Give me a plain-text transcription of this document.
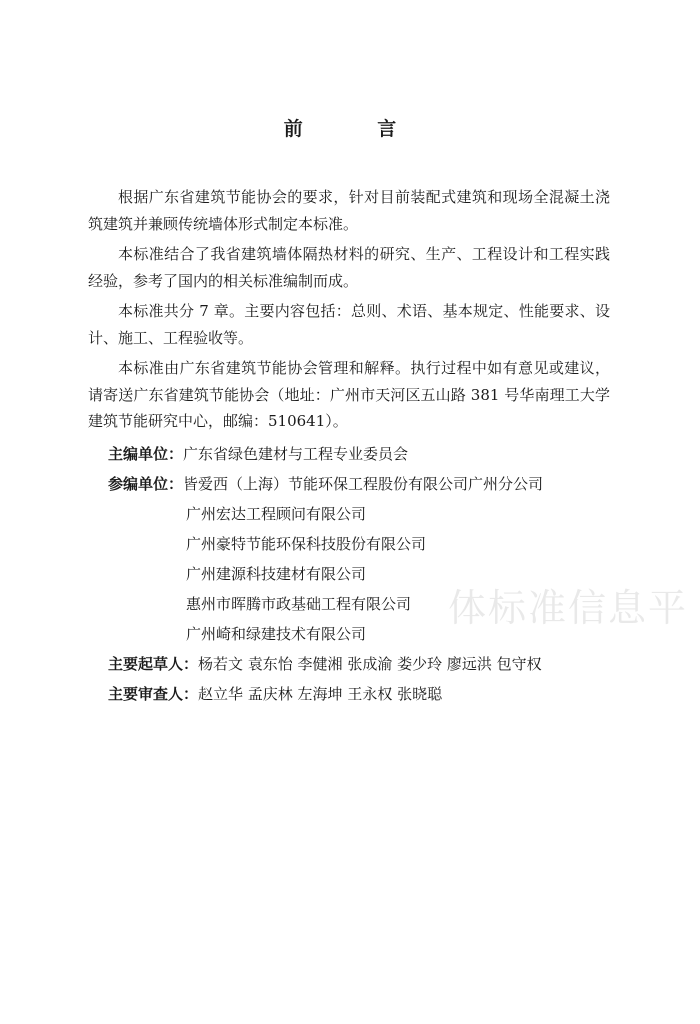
前 言

根据广东省建筑节能协会的要求，针对目前装配式建筑和现场全混凝土浇筑建筑并兼顾传统墙体形式制定本标准。

本标准结合了我省建筑墙体隔热材料的研究、生产、工程设计和工程实践经验，参考了国内的相关标准编制而成。

本标准共分 7 章。主要内容包括：总则、术语、基本规定、性能要求、设计、施工、工程验收等。

本标准由广东省建筑节能协会管理和解释。执行过程中如有意见或建议，请寄送广东省建筑节能协会（地址：广州市天河区五山路 381 号华南理工大学建筑节能研究中心，邮编：510641）。

主编单位： 广东省绿色建材与工程专业委员会
参编单位： 皆爱西（上海）节能环保工程股份有限公司广州分公司
广州宏达工程顾问有限公司
广州豪特节能环保科技股份有限公司
广州建源科技建材有限公司
惠州市晖腾市政基础工程有限公司
广州崎和绿建技术有限公司
主要起草人： 杨若文 袁东怡 李健湘 张成渝 娄少玲 廖远洪 包守权
主要审查人： 赵立华 孟庆林 左海坤 王永权 张晓聪
体标准信息平
